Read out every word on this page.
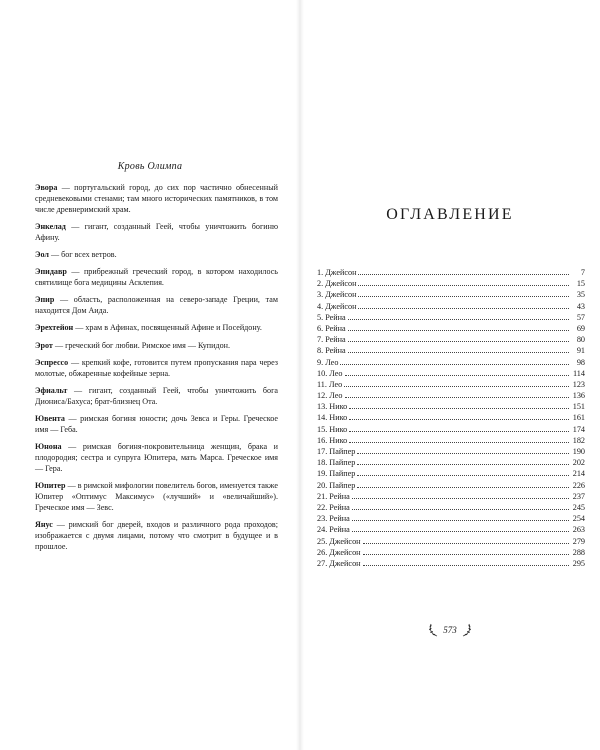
Кровь Олимпа

Эвора — португальский город, до сих пор частично обнесенный средневековыми стенами; там много исторических памятников, в том числе древнеримский храм.

Энкелад — гигант, созданный Геей, чтобы уничтожить богиню Афину.

Эол — бог всех ветров.

Эпидавр — прибрежный греческий город, в котором находилось святилище бога медицины Асклепия.

Эпир — область, расположенная на северо-западе Греции, там находится Дом Аида.

Эрехтейон — храм в Афинах, посвященный Афине и Посейдону.

Эрот — греческий бог любви. Римское имя — Купидон.

Эспрессо — крепкий кофе, готовится путем пропускания пара через молотые, обжаренные кофейные зерна.

Эфиальт — гигант, созданный Геей, чтобы уничтожить бога Диониса/Бахуса; брат-близнец Ота.

Ювента — римская богиня юности; дочь Зевса и Геры. Греческое имя — Геба.

Юнона — римская богиня-покровительница женщин, брака и плодородия; сестра и супруга Юпитера, мать Марса. Греческое имя — Гера.

Юпитер — в римской мифологии повелитель богов, именуется также Юпитер «Оптимус Максимус» («лучший» и «величайший»). Греческое имя — Зевс.

Янус — римский бог дверей, входов и различного рода проходов; изображается с двумя лицами, потому что смотрит в будущее и в прошлое.

ОГЛАВЛЕНИЕ
1. Джейсон	7
2. Джейсон	15
3. Джейсон	35
4. Джейсон	43
5. Рейна	57
6. Рейна	69
7. Рейна	80
8. Рейна	91
9. Лео	98
10. Лео	114
11. Лео	123
12. Лео	136
13. Нико	151
14. Нико	161
15. Нико	174
16. Нико	182
17. Пайпер	190
18. Пайпер	202
19. Пайпер	214
20. Пайпер	226
21. Рейна	237
22. Рейна	245
23. Рейна	254
24. Рейна	263
25. Джейсон	279
26. Джейсон	288
27. Джейсон	295
573
